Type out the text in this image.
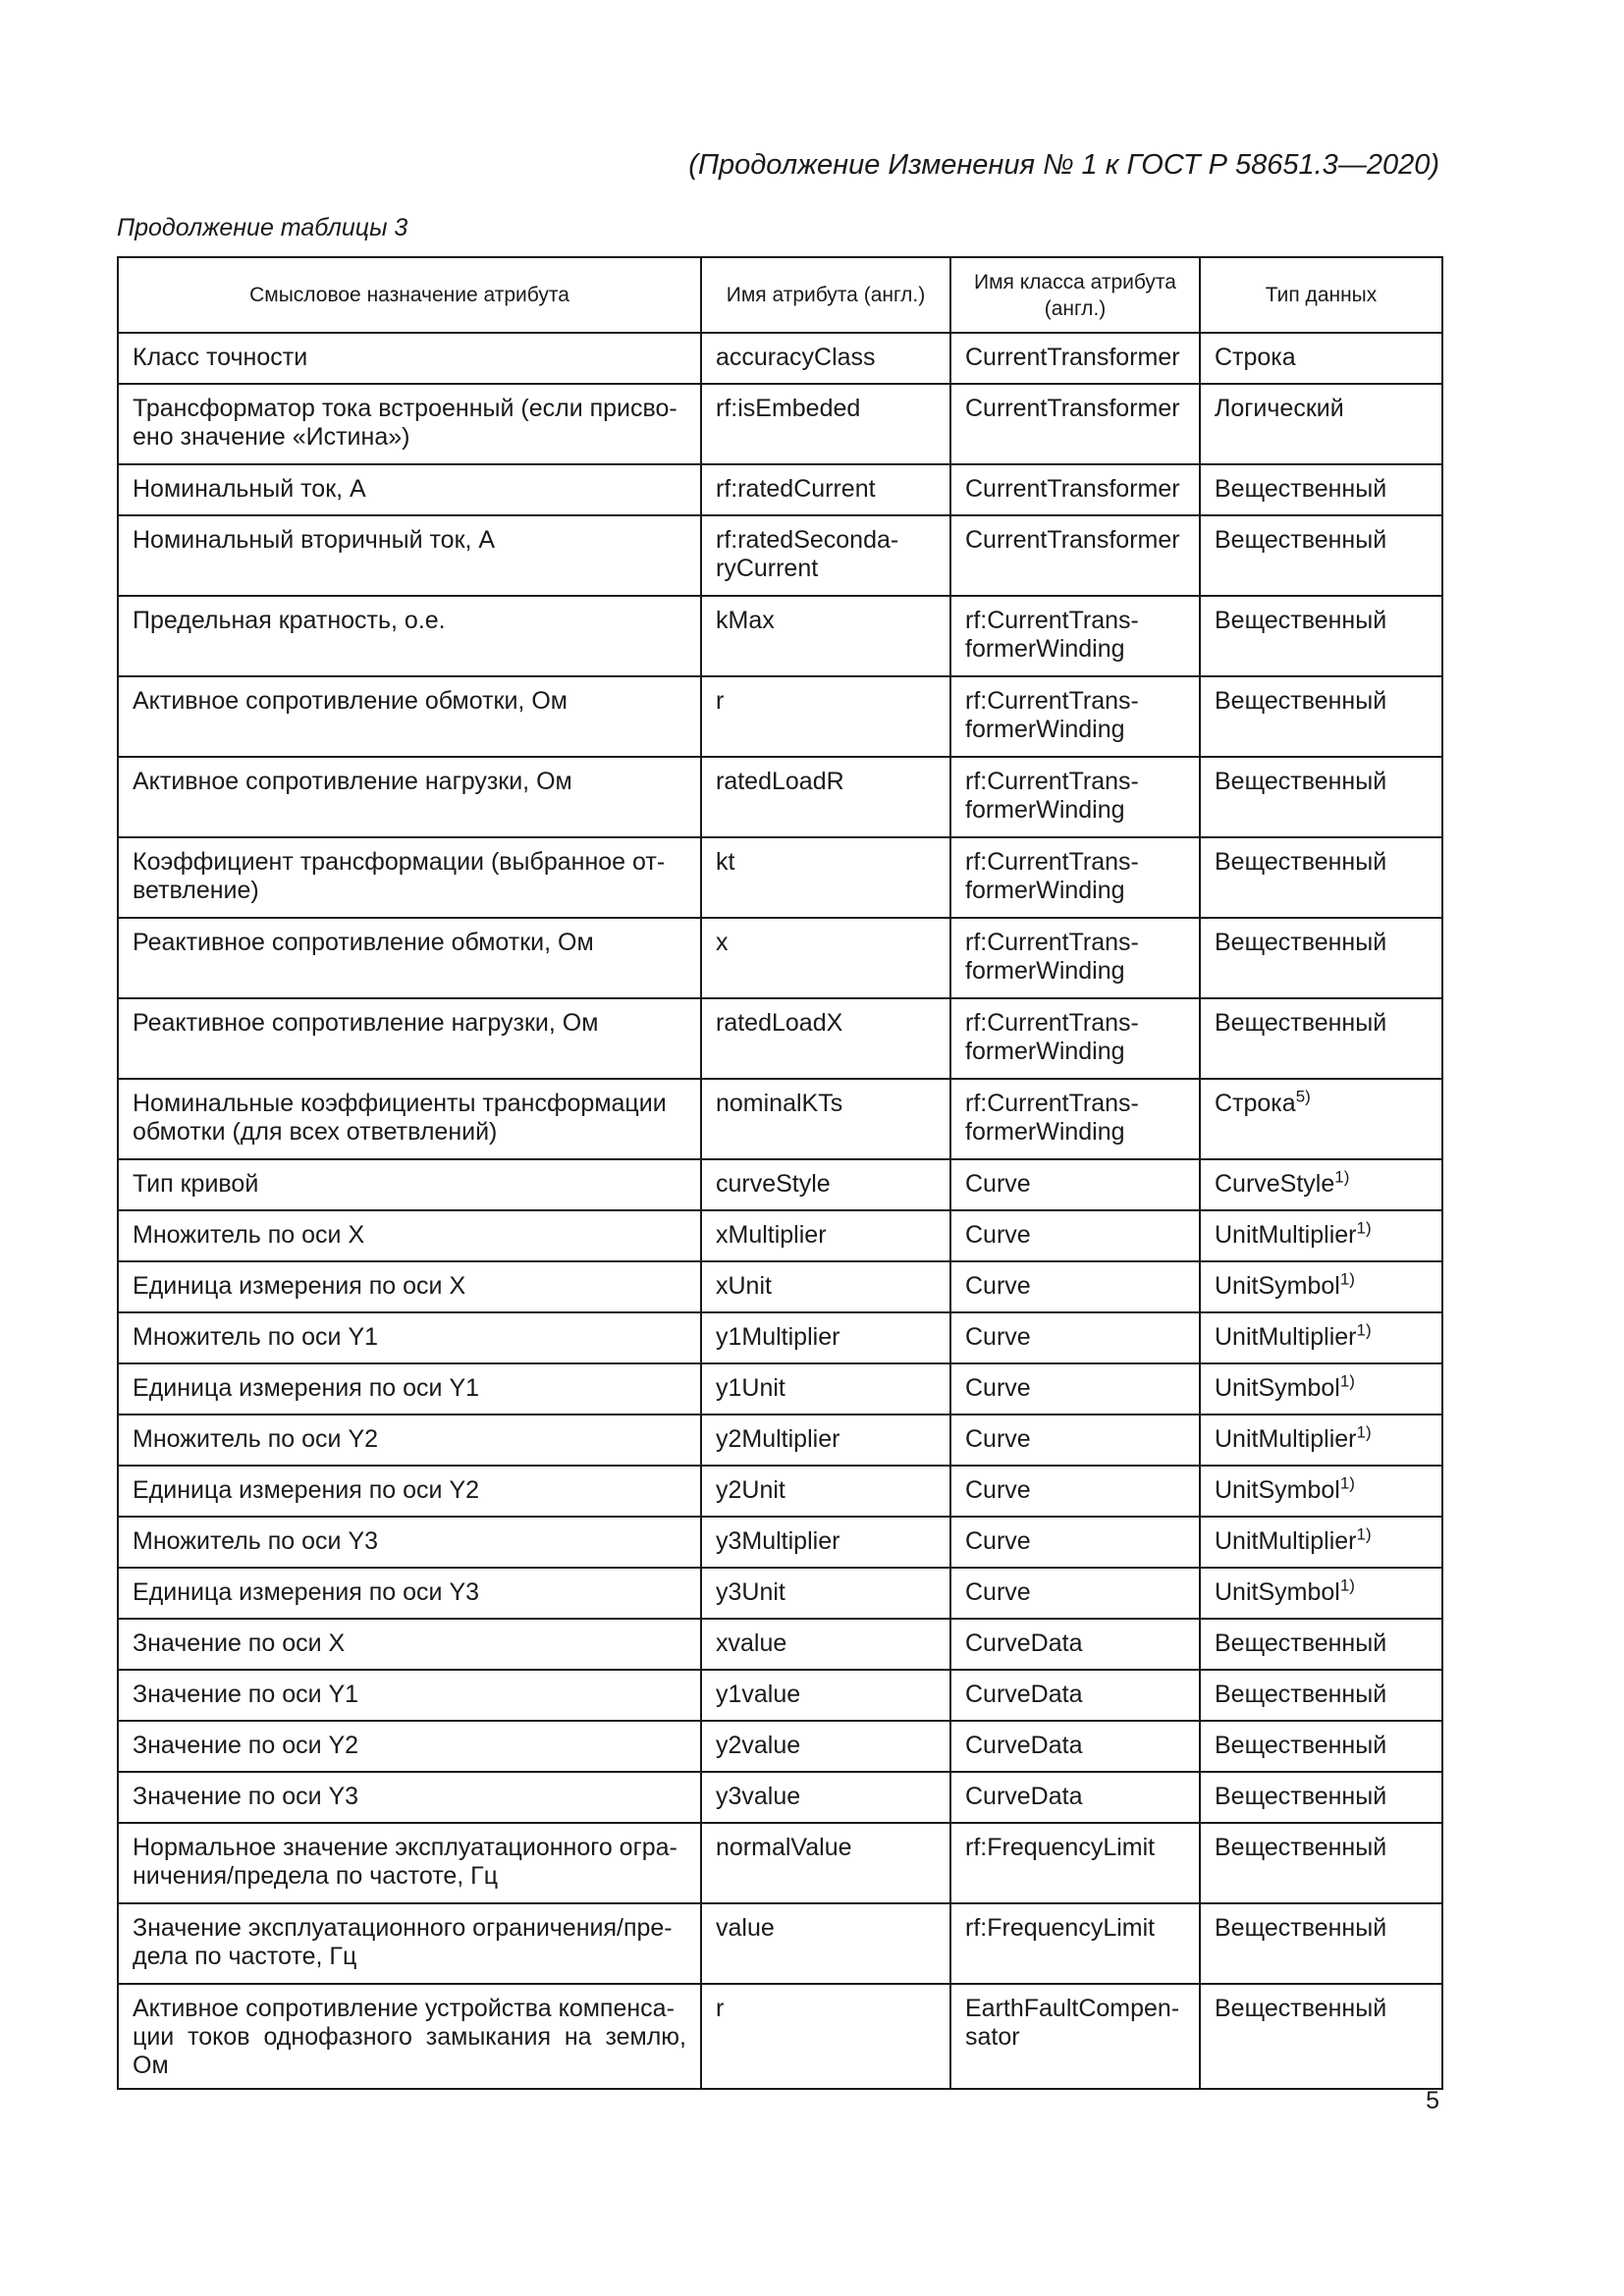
(Продолжение Изменения № 1 к ГОСТ Р 58651.3—2020)
Продолжение таблицы 3
Смысловое назначение атрибута	Имя атрибута (англ.)	Имя класса атрибута (англ.)	Тип данных

Класс точности	accuracyClass	CurrentTransformer	Строка

Трансформатор тока встроенный (если присво-
ено значение «Истина»)	rf:isEmbeded	CurrentTransformer	Логический

Номинальный ток, А	rf:ratedCurrent	CurrentTransformer	Вещественный

Номинальный вторичный ток, А	rf:ratedSeconda-
ryCurrent	CurrentTransformer	Вещественный

Предельная кратность, о.е.	kMax	rf:CurrentTrans-
formerWinding	Вещественный

Активное сопротивление обмотки, Ом	r	rf:CurrentTrans-
formerWinding	Вещественный

Активное сопротивление нагрузки, Ом	ratedLoadR	rf:CurrentTrans-
formerWinding	Вещественный

Коэффициент трансформации (выбранное от-
ветвление)	kt	rf:CurrentTrans-
formerWinding	Вещественный

Реактивное сопротивление обмотки, Ом	x	rf:CurrentTrans-
formerWinding	Вещественный

Реактивное сопротивление нагрузки, Ом	ratedLoadX	rf:CurrentTrans-
formerWinding	Вещественный

Номинальные коэффициенты трансформации
обмотки (для всех ответвлений)	nominalKTs	rf:CurrentTrans-
formerWinding	Строка$^{5)}$

Тип кривой	curveStyle	Curve	CurveStyle$^{1)}$

Множитель по оси X	xMultiplier	Curve	UnitMultiplier$^{1)}$

Единица измерения по оси X	xUnit	Curve	UnitSymbol$^{1)}$

Множитель по оси Y1	y1Multiplier	Curve	UnitMultiplier$^{1)}$

Единица измерения по оси Y1	y1Unit	Curve	UnitSymbol$^{1)}$

Множитель по оси Y2	y2Multiplier	Curve	UnitMultiplier$^{1)}$

Единица измерения по оси Y2	y2Unit	Curve	UnitSymbol$^{1)}$

Множитель по оси Y3	y3Multiplier	Curve	UnitMultiplier$^{1)}$

Единица измерения по оси Y3	y3Unit	Curve	UnitSymbol$^{1)}$

Значение по оси X	xvalue	CurveData	Вещественный

Значение по оси Y1	y1value	CurveData	Вещественный

Значение по оси Y2	y2value	CurveData	Вещественный

Значение по оси Y3	y3value	CurveData	Вещественный

Нормальное значение эксплуатационного огра-
ничения/предела по частоте, Гц	normalValue	rf:FrequencyLimit	Вещественный

Значение эксплуатационного ограничения/пре-
дела по частоте, Гц	value	rf:FrequencyLimit	Вещественный

Активное сопротивление устройства компенса-
ции токов однофазного замыкания на землю, Ом	r	EarthFaultCompen-
sator	Вещественный
5
